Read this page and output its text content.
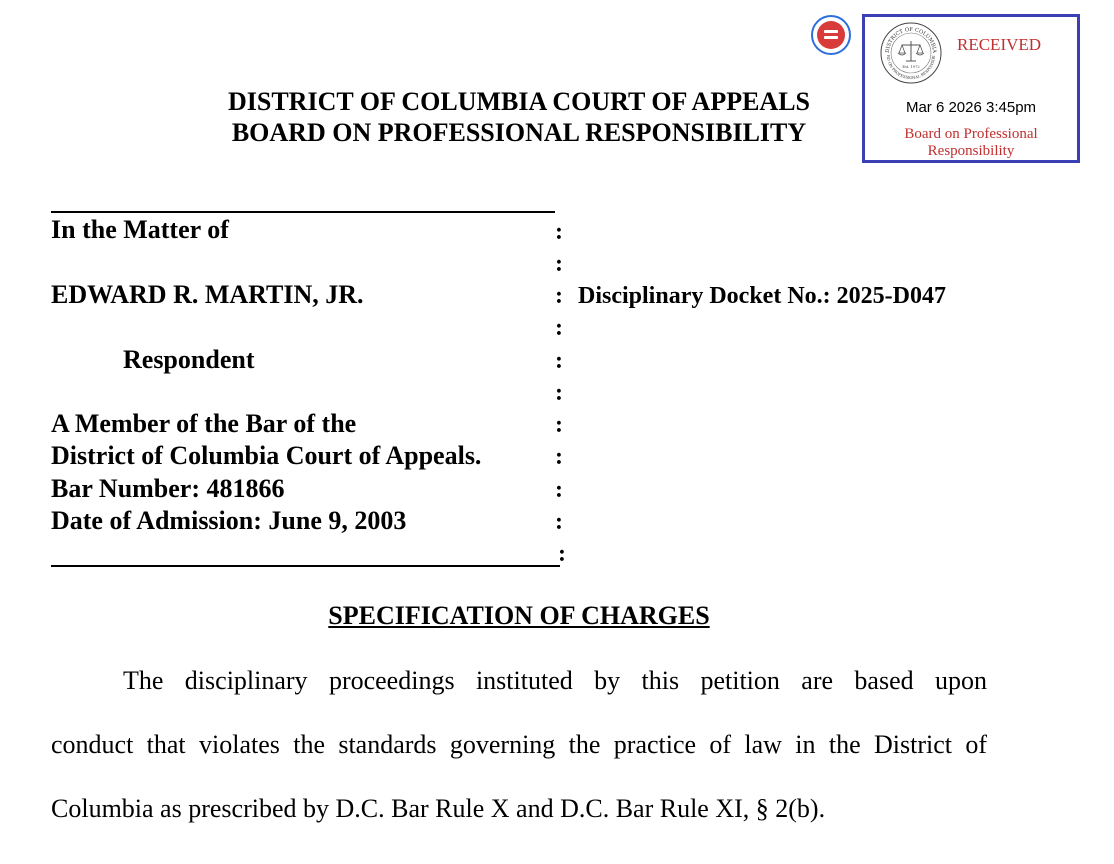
DISTRICT OF COLUMBIA COURT OF APPEALS
BOARD ON PROFESSIONAL RESPONSIBILITY
DISTRICT OF COLUMBIA
RD ON PROFESSIONAL RESPONSIBI
Est. 1972
RECEIVED
Mar 6 2026 3:45pm
Board on Professional
Responsibility
In the Matter of
EDWARD R. MARTIN, JR.
Respondent
A Member of the Bar of the
District of Columbia Court of Appeals.
Bar Number: 481866
Date of Admission: June 9, 2003
:
:
:
:
:
:
:
:
:
:
:
Disciplinary Docket No.: 2025-D047
SPECIFICATION OF CHARGES
The disciplinary proceedings instituted by this petition are based upon
conduct that violates the standards governing the practice of law in the District of
Columbia as prescribed by D.C. Bar Rule X and D.C. Bar Rule XI, § 2(b).
